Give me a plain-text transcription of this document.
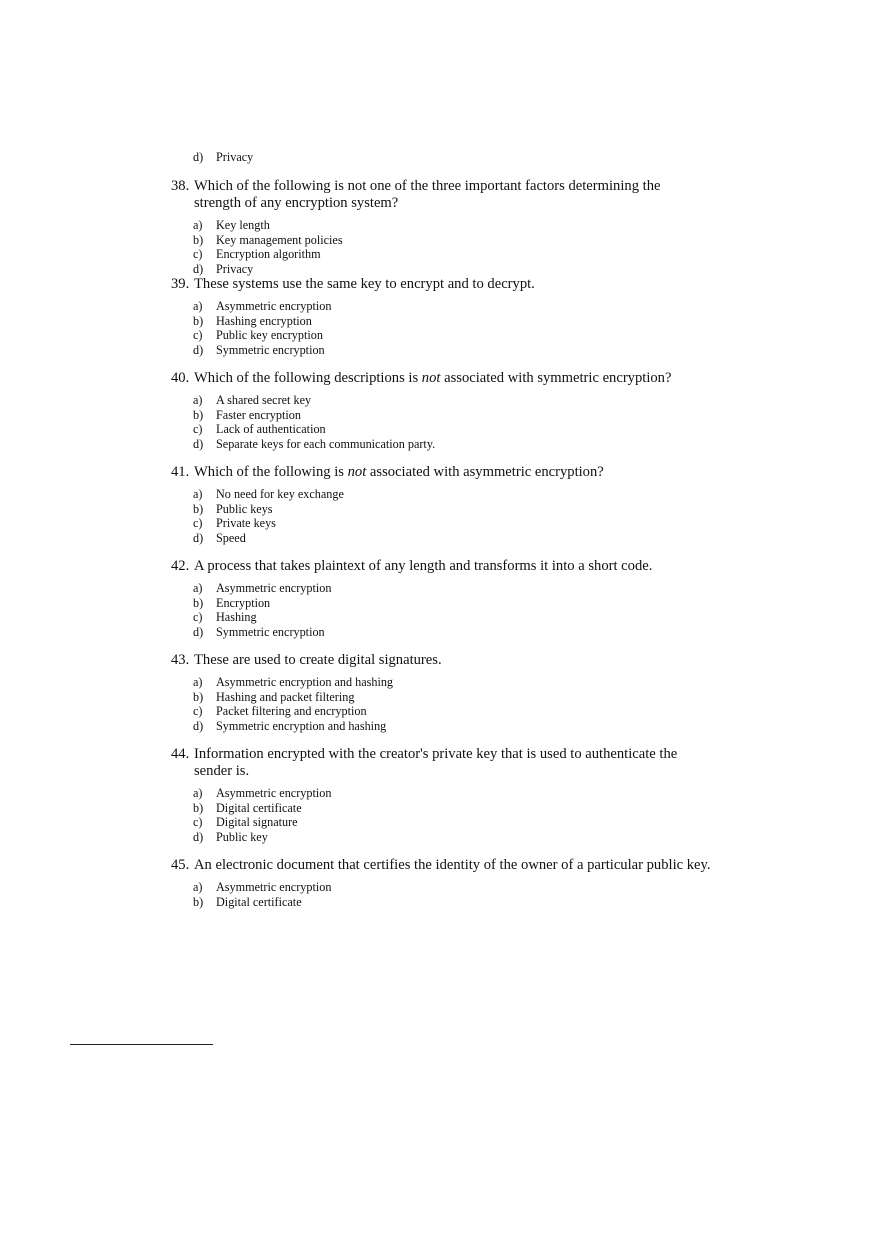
d)	Privacy
38. Which of the following is not one of the three important factors determining the strength of any encryption system?
a)	Key length
b)	Key management policies
c)	Encryption algorithm
d)	Privacy
39. These systems use the same key to encrypt and to decrypt.
a)	Asymmetric encryption
b)	Hashing encryption
c)	Public key encryption
d)	Symmetric encryption
40. Which of the following descriptions is not associated with symmetric encryption?
a)	A shared secret key
b)	Faster encryption
c)	Lack of authentication
d)	Separate keys for each communication party.
41. Which of the following is not associated with asymmetric encryption?
a)	No need for key exchange
b)	Public keys
c)	Private keys
d)	Speed
42. A process that takes plaintext of any length and transforms it into a short code.
a)	Asymmetric encryption
b)	Encryption
c)	Hashing
d)	Symmetric encryption
43. These are used to create digital signatures.
a)	Asymmetric encryption and hashing
b)	Hashing and packet filtering
c)	Packet filtering and encryption
d)	Symmetric encryption and hashing
44. Information encrypted with the creator's private key that is used to authenticate the sender is.
a)	Asymmetric encryption
b)	Digital certificate
c)	Digital signature
d)	Public key
45. An electronic document that certifies the identity of the owner of a particular public key.
a)	Asymmetric encryption
b)	Digital certificate
